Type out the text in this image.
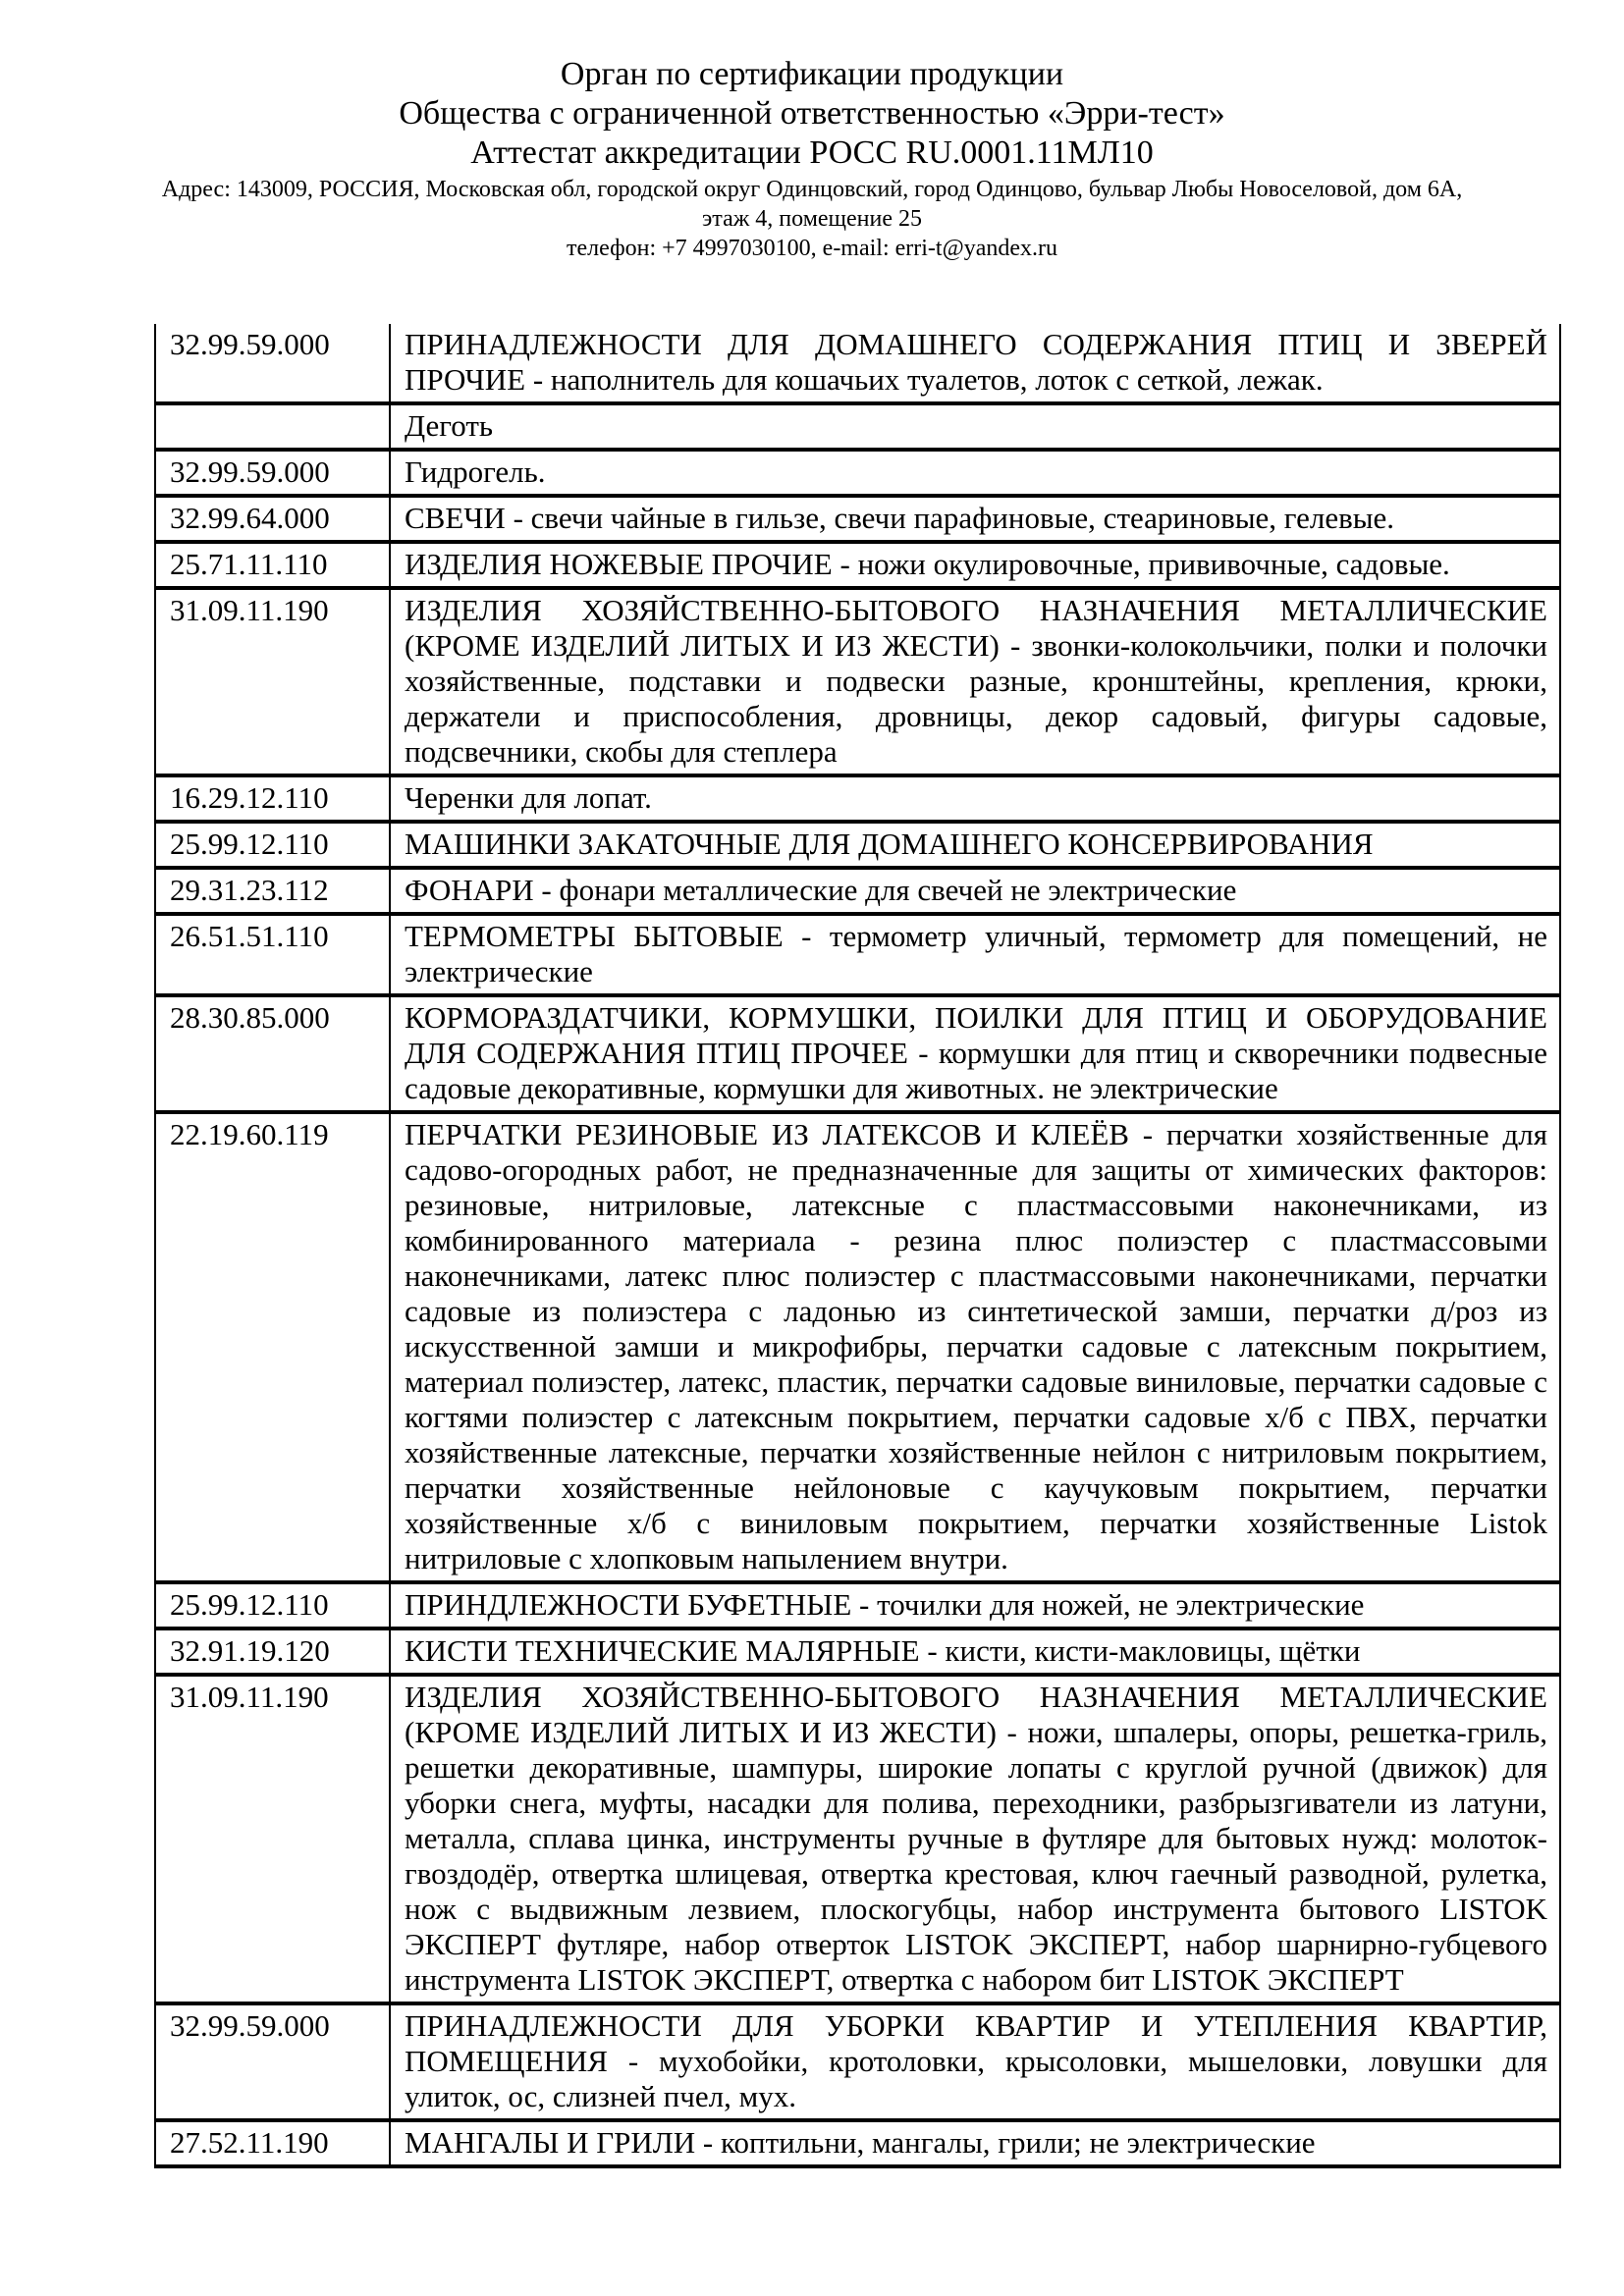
Орган по сертификации продукции
Общества с ограниченной ответственностью «Эрри-тест»
Аттестат аккредитации РОСС RU.0001.11МЛ10
Адрес: 143009, РОССИЯ, Московская обл, городской округ Одинцовский, город Одинцово, бульвар Любы Новоселовой, дом 6А, этаж 4, помещение 25
телефон: +7 4997030100, e-mail: erri-t@yandex.ru
32.99.59.000	ПРИНАДЛЕЖНОСТИ ДЛЯ ДОМАШНЕГО СОДЕРЖАНИЯ ПТИЦ И ЗВЕРЕЙ ПРОЧИЕ - наполнитель для кошачьих туалетов, лоток с сеткой, лежак.
	Деготь
32.99.59.000	Гидрогель.
32.99.64.000	СВЕЧИ - свечи чайные в гильзе, свечи парафиновые, стеариновые, гелевые.
25.71.11.110	ИЗДЕЛИЯ НОЖЕВЫЕ ПРОЧИЕ - ножи окулировочные, прививочные, садовые.
31.09.11.190	ИЗДЕЛИЯ ХОЗЯЙСТВЕННО-БЫТОВОГО НАЗНАЧЕНИЯ МЕТАЛЛИЧЕСКИЕ (КРОМЕ ИЗДЕЛИЙ ЛИТЫХ И ИЗ ЖЕСТИ) - звонки-колокольчики, полки и полочки хозяйственные, подставки и подвески разные, кронштейны, крепления, крюки, держатели и приспособления, дровницы, декор садовый, фигуры садовые, подсвечники, скобы для степлера
16.29.12.110	Черенки для лопат.
25.99.12.110	МАШИНКИ ЗАКАТОЧНЫЕ ДЛЯ ДОМАШНЕГО КОНСЕРВИРОВАНИЯ
29.31.23.112	ФОНАРИ - фонари металлические для свечей не электрические
26.51.51.110	ТЕРМОМЕТРЫ БЫТОВЫЕ - термометр уличный, термометр для помещений, не электрические
28.30.85.000	КОРМОРАЗДАТЧИКИ, КОРМУШКИ, ПОИЛКИ ДЛЯ ПТИЦ И ОБОРУДОВАНИЕ ДЛЯ СОДЕРЖАНИЯ ПТИЦ ПРОЧЕЕ - кормушки для птиц и скворечники подвесные садовые декоративные, кормушки для животных. не электрические
22.19.60.119	ПЕРЧАТКИ РЕЗИНОВЫЕ ИЗ ЛАТЕКСОВ И КЛЕЁВ - перчатки хозяйственные для садово-огородных работ, не предназначенные для защиты от химических факторов: резиновые, нитриловые, латексные с пластмассовыми наконечниками, из комбинированного материала - резина плюс полиэстер с пластмассовыми наконечниками, латекс плюс полиэстер с пластмассовыми наконечниками, перчатки садовые из полиэстера с ладонью из синтетической замши, перчатки д/роз из искусственной замши и микрофибры, перчатки садовые с латексным покрытием, материал полиэстер, латекс, пластик, перчатки садовые виниловые, перчатки садовые с когтями полиэстер с латексным покрытием, перчатки садовые х/б с ПВХ, перчатки хозяйственные латексные, перчатки хозяйственные нейлон с нитриловым покрытием, перчатки хозяйственные нейлоновые с каучуковым покрытием, перчатки хозяйственные х/б с виниловым покрытием, перчатки хозяйственные Listok нитриловые с хлопковым напылением внутри.
25.99.12.110	ПРИНДЛЕЖНОСТИ БУФЕТНЫЕ - точилки для ножей, не электрические
32.91.19.120	КИСТИ ТЕХНИЧЕСКИЕ МАЛЯРНЫЕ - кисти, кисти-макловицы, щётки
31.09.11.190	ИЗДЕЛИЯ ХОЗЯЙСТВЕННО-БЫТОВОГО НАЗНАЧЕНИЯ МЕТАЛЛИЧЕСКИЕ (КРОМЕ ИЗДЕЛИЙ ЛИТЫХ И ИЗ ЖЕСТИ) - ножи, шпалеры, опоры, решетка-гриль, решетки декоративные, шампуры, широкие лопаты с круглой ручной (движок) для уборки снега, муфты, насадки для полива, переходники, разбрызгиватели из латуни, металла, сплава цинка, инструменты ручные в футляре для бытовых нужд: молоток-гвоздодёр, отвертка шлицевая, отвертка крестовая, ключ гаечный разводной, рулетка, нож с выдвижным лезвием, плоскогубцы, набор инструмента бытового LISTOK ЭКСПЕРТ футляре, набор отверток LISTOK ЭКСПЕРТ, набор шарнирно-губцевого инструмента LISTOK ЭКСПЕРТ, отвертка с набором бит LISTOK ЭКСПЕРТ
32.99.59.000	ПРИНАДЛЕЖНОСТИ ДЛЯ УБОРКИ КВАРТИР И УТЕПЛЕНИЯ КВАРТИР, ПОМЕЩЕНИЯ - мухобойки, кротоловки, крысоловки, мышеловки, ловушки для улиток, ос, слизней пчел, мух.
27.52.11.190	МАНГАЛЫ И ГРИЛИ - коптильни, мангалы, грили; не электрические
